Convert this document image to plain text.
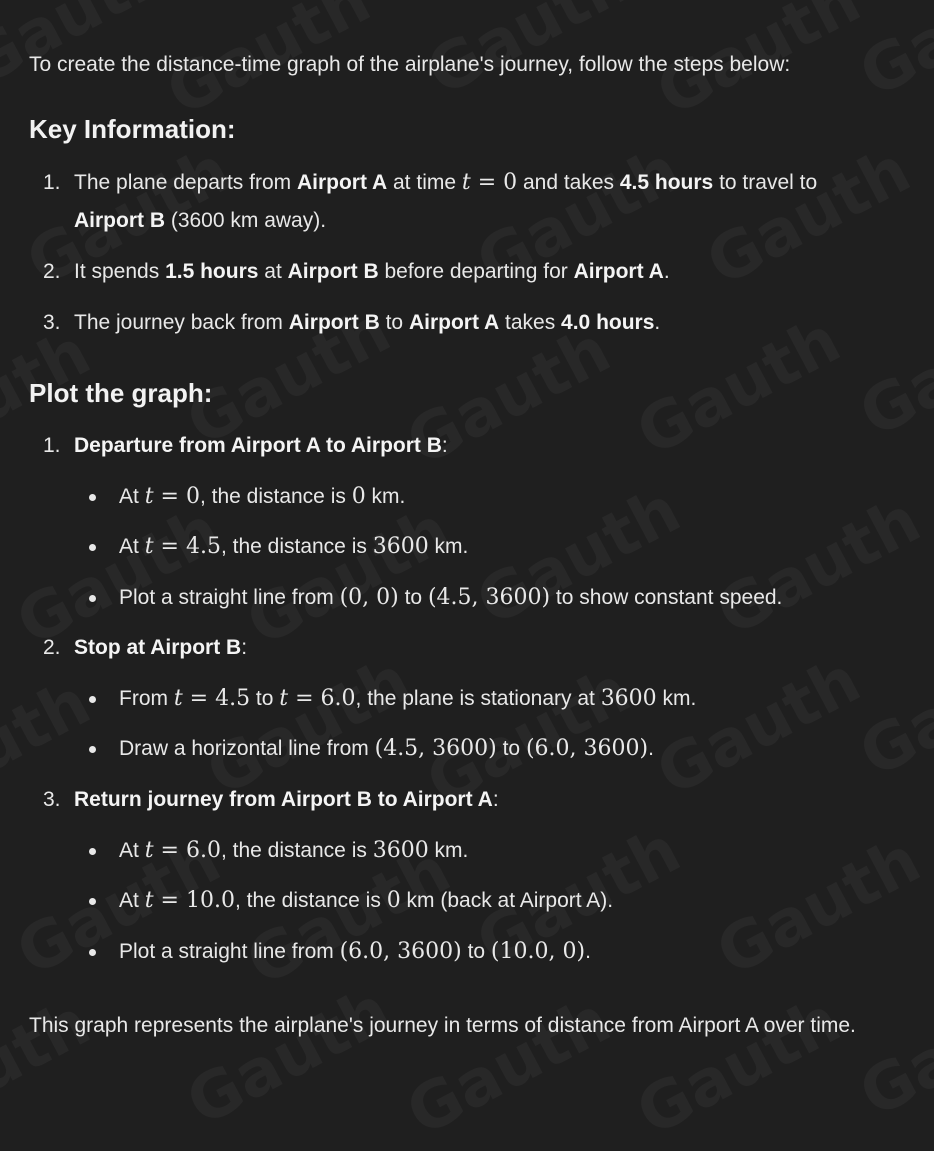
To create the distance-time graph of the airplane's journey, follow the steps below:

Key Information:
1. The plane departs from Airport A at time t = 0 and takes 4.5 hours to travel to Airport B (3600 km away).
2. It spends 1.5 hours at Airport B before departing for Airport A.
3. The journey back from Airport B to Airport A takes 4.0 hours.
Plot the graph:
1. Departure from Airport A to Airport B:
At t = 0, the distance is 0 km.
At t = 4.5, the distance is 3600 km.
Plot a straight line from (0, 0) to (4.5, 3600) to show constant speed.
2. Stop at Airport B:
From t = 4.5 to t = 6.0, the plane is stationary at 3600 km.
Draw a horizontal line from (4.5, 3600) to (6.0, 3600).
3. Return journey from Airport B to Airport A:
At t = 6.0, the distance is 3600 km.
At t = 10.0, the distance is 0 km (back at Airport A).
Plot a straight line from (6.0, 3600) to (10.0, 0).

This graph represents the airplane's journey in terms of distance from Airport A over time.
